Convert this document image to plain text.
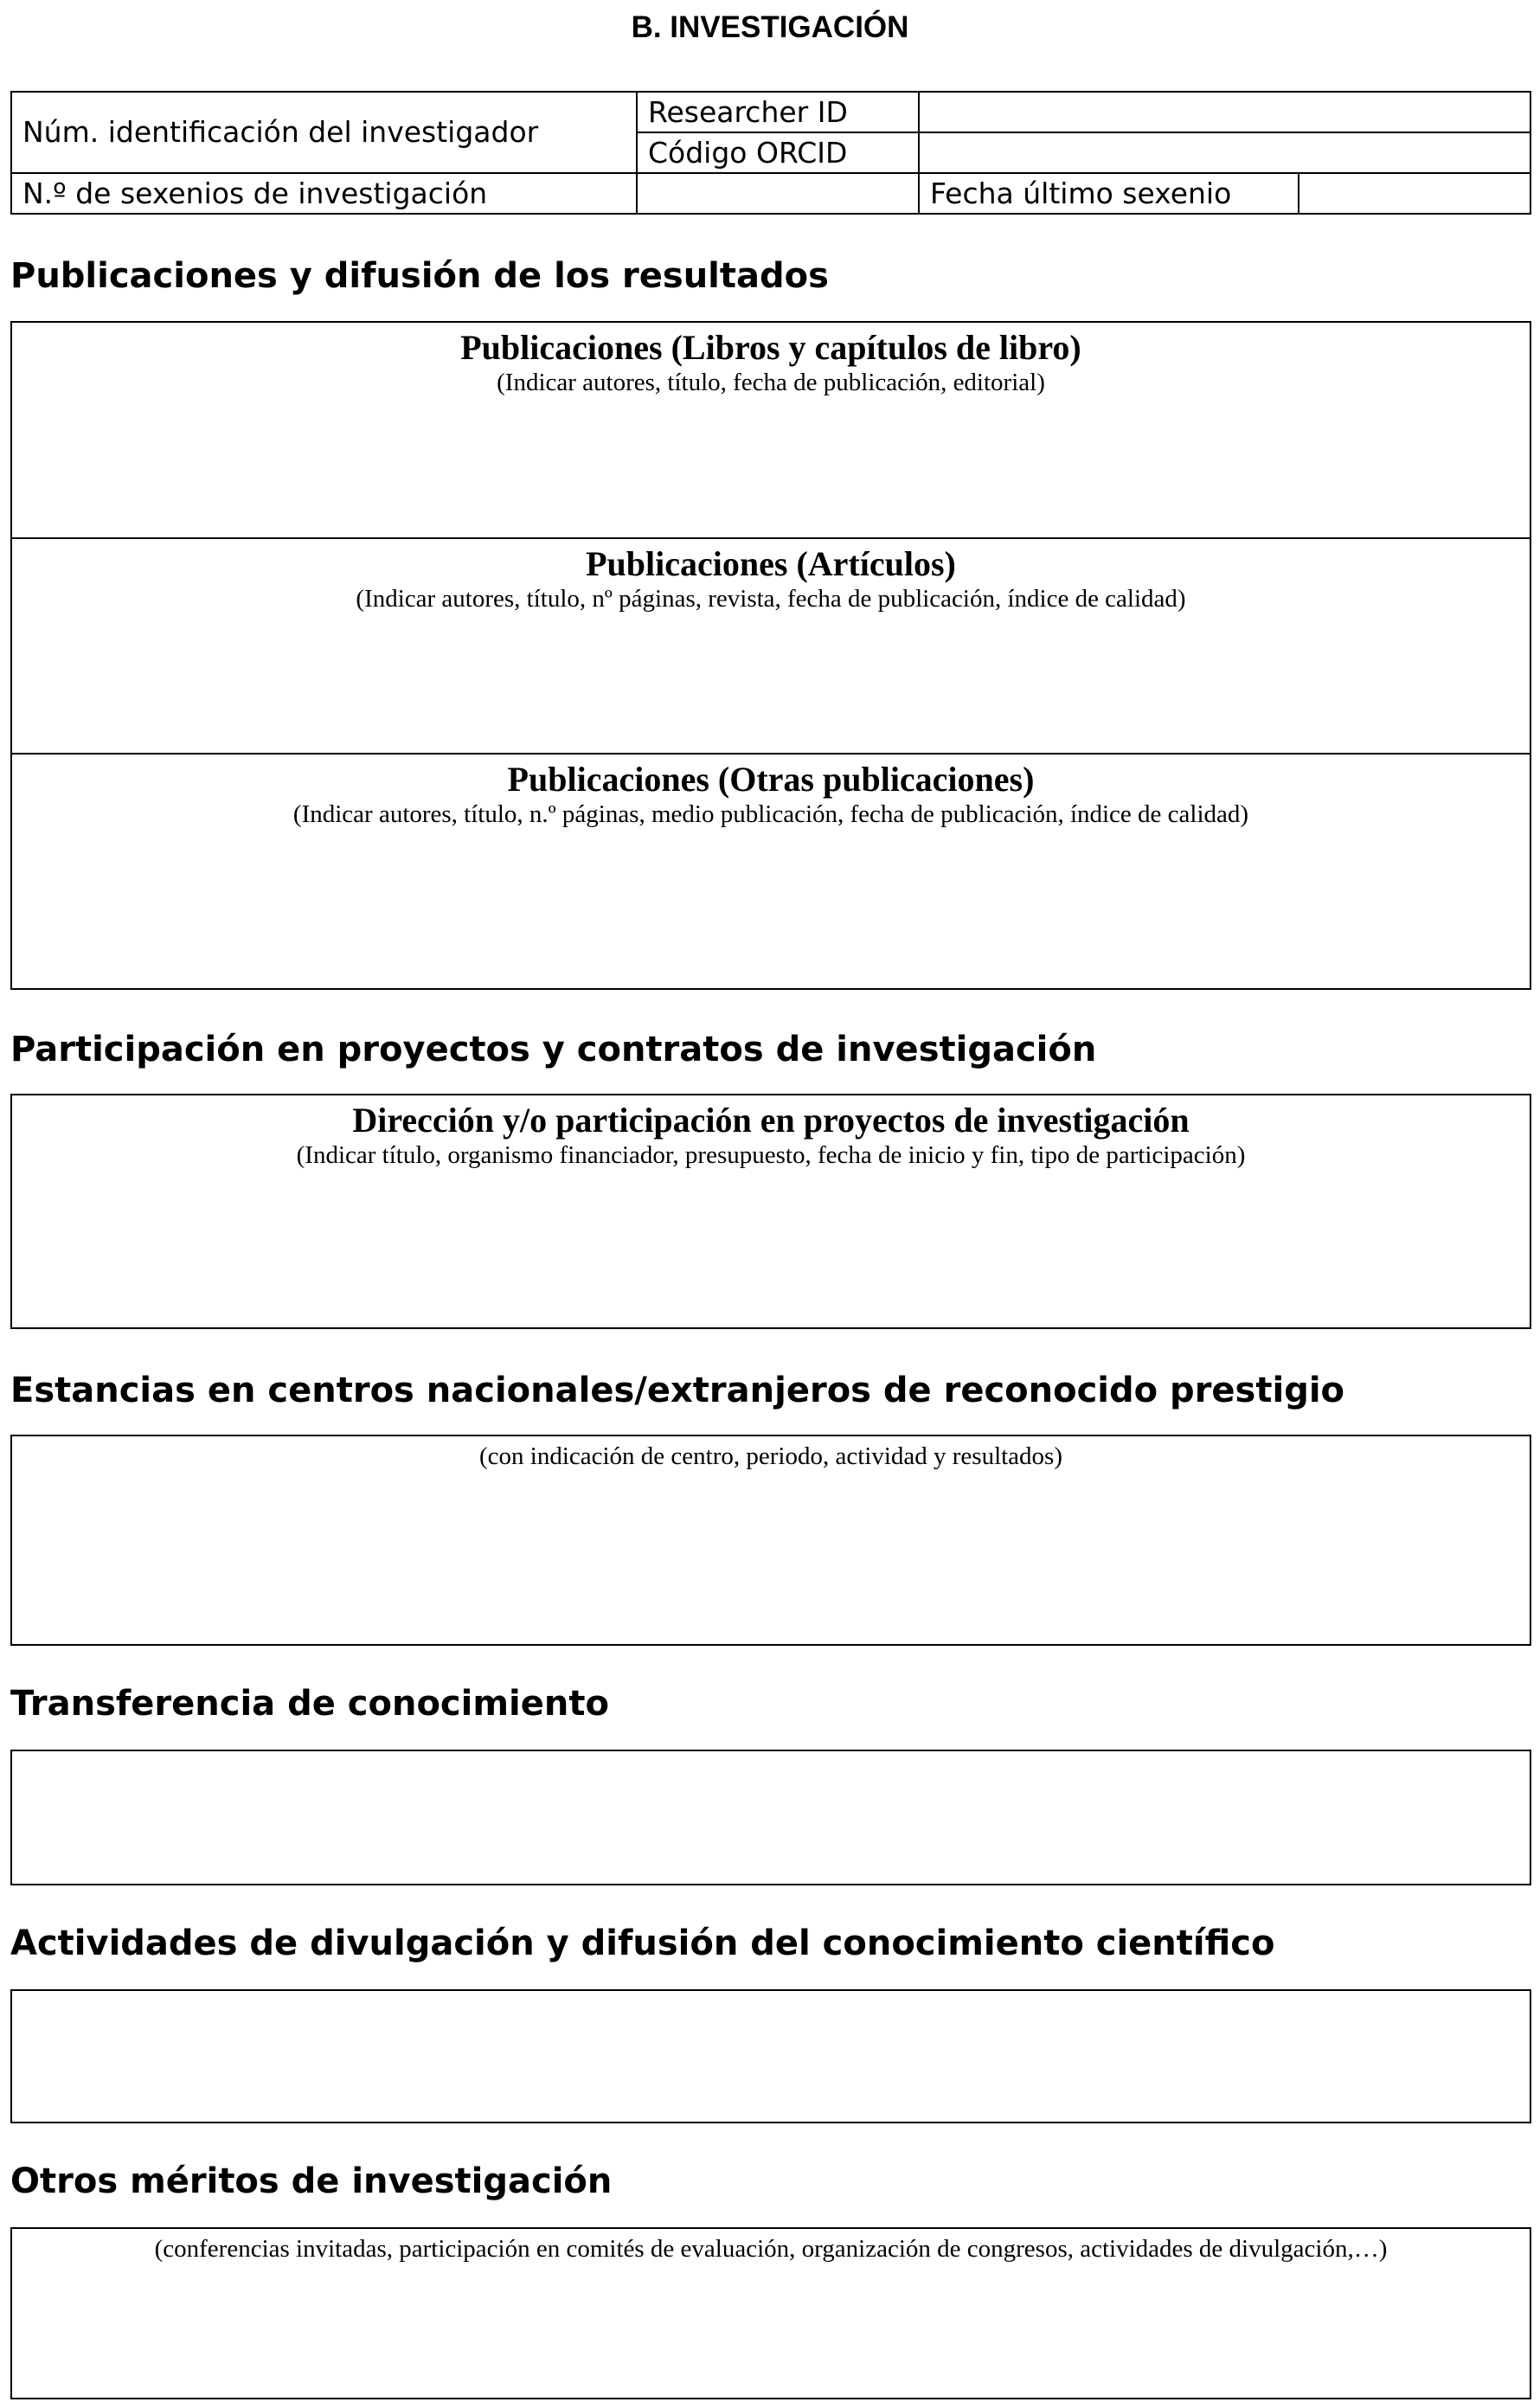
B. INVESTIGACIÓN
Núm. identificación del investigador	Researcher ID		
	Código ORCID		
N.º de sexenios de investigación		Fecha último sexenio	
Publicaciones y difusión de los resultados
Publicaciones (Libros y capítulos de libro)
(Indicar autores, título, fecha de publicación, editorial)
Publicaciones (Artículos)
(Indicar autores, título, nº páginas, revista, fecha de publicación, índice de calidad)
Publicaciones (Otras publicaciones)
(Indicar autores, título, n.º páginas, medio publicación, fecha de publicación, índice de calidad)
Participación en proyectos y contratos de investigación
Dirección y/o participación en proyectos de investigación
(Indicar título, organismo financiador, presupuesto, fecha de inicio y fin, tipo de participación)
Estancias en centros nacionales/extranjeros de reconocido prestigio
(con indicación de centro, periodo, actividad y resultados)
Transferencia de conocimiento
Actividades de divulgación y difusión del conocimiento científico
Otros méritos de investigación
(conferencias invitadas, participación en comités de evaluación, organización de congresos, actividades de divulgación,…)
